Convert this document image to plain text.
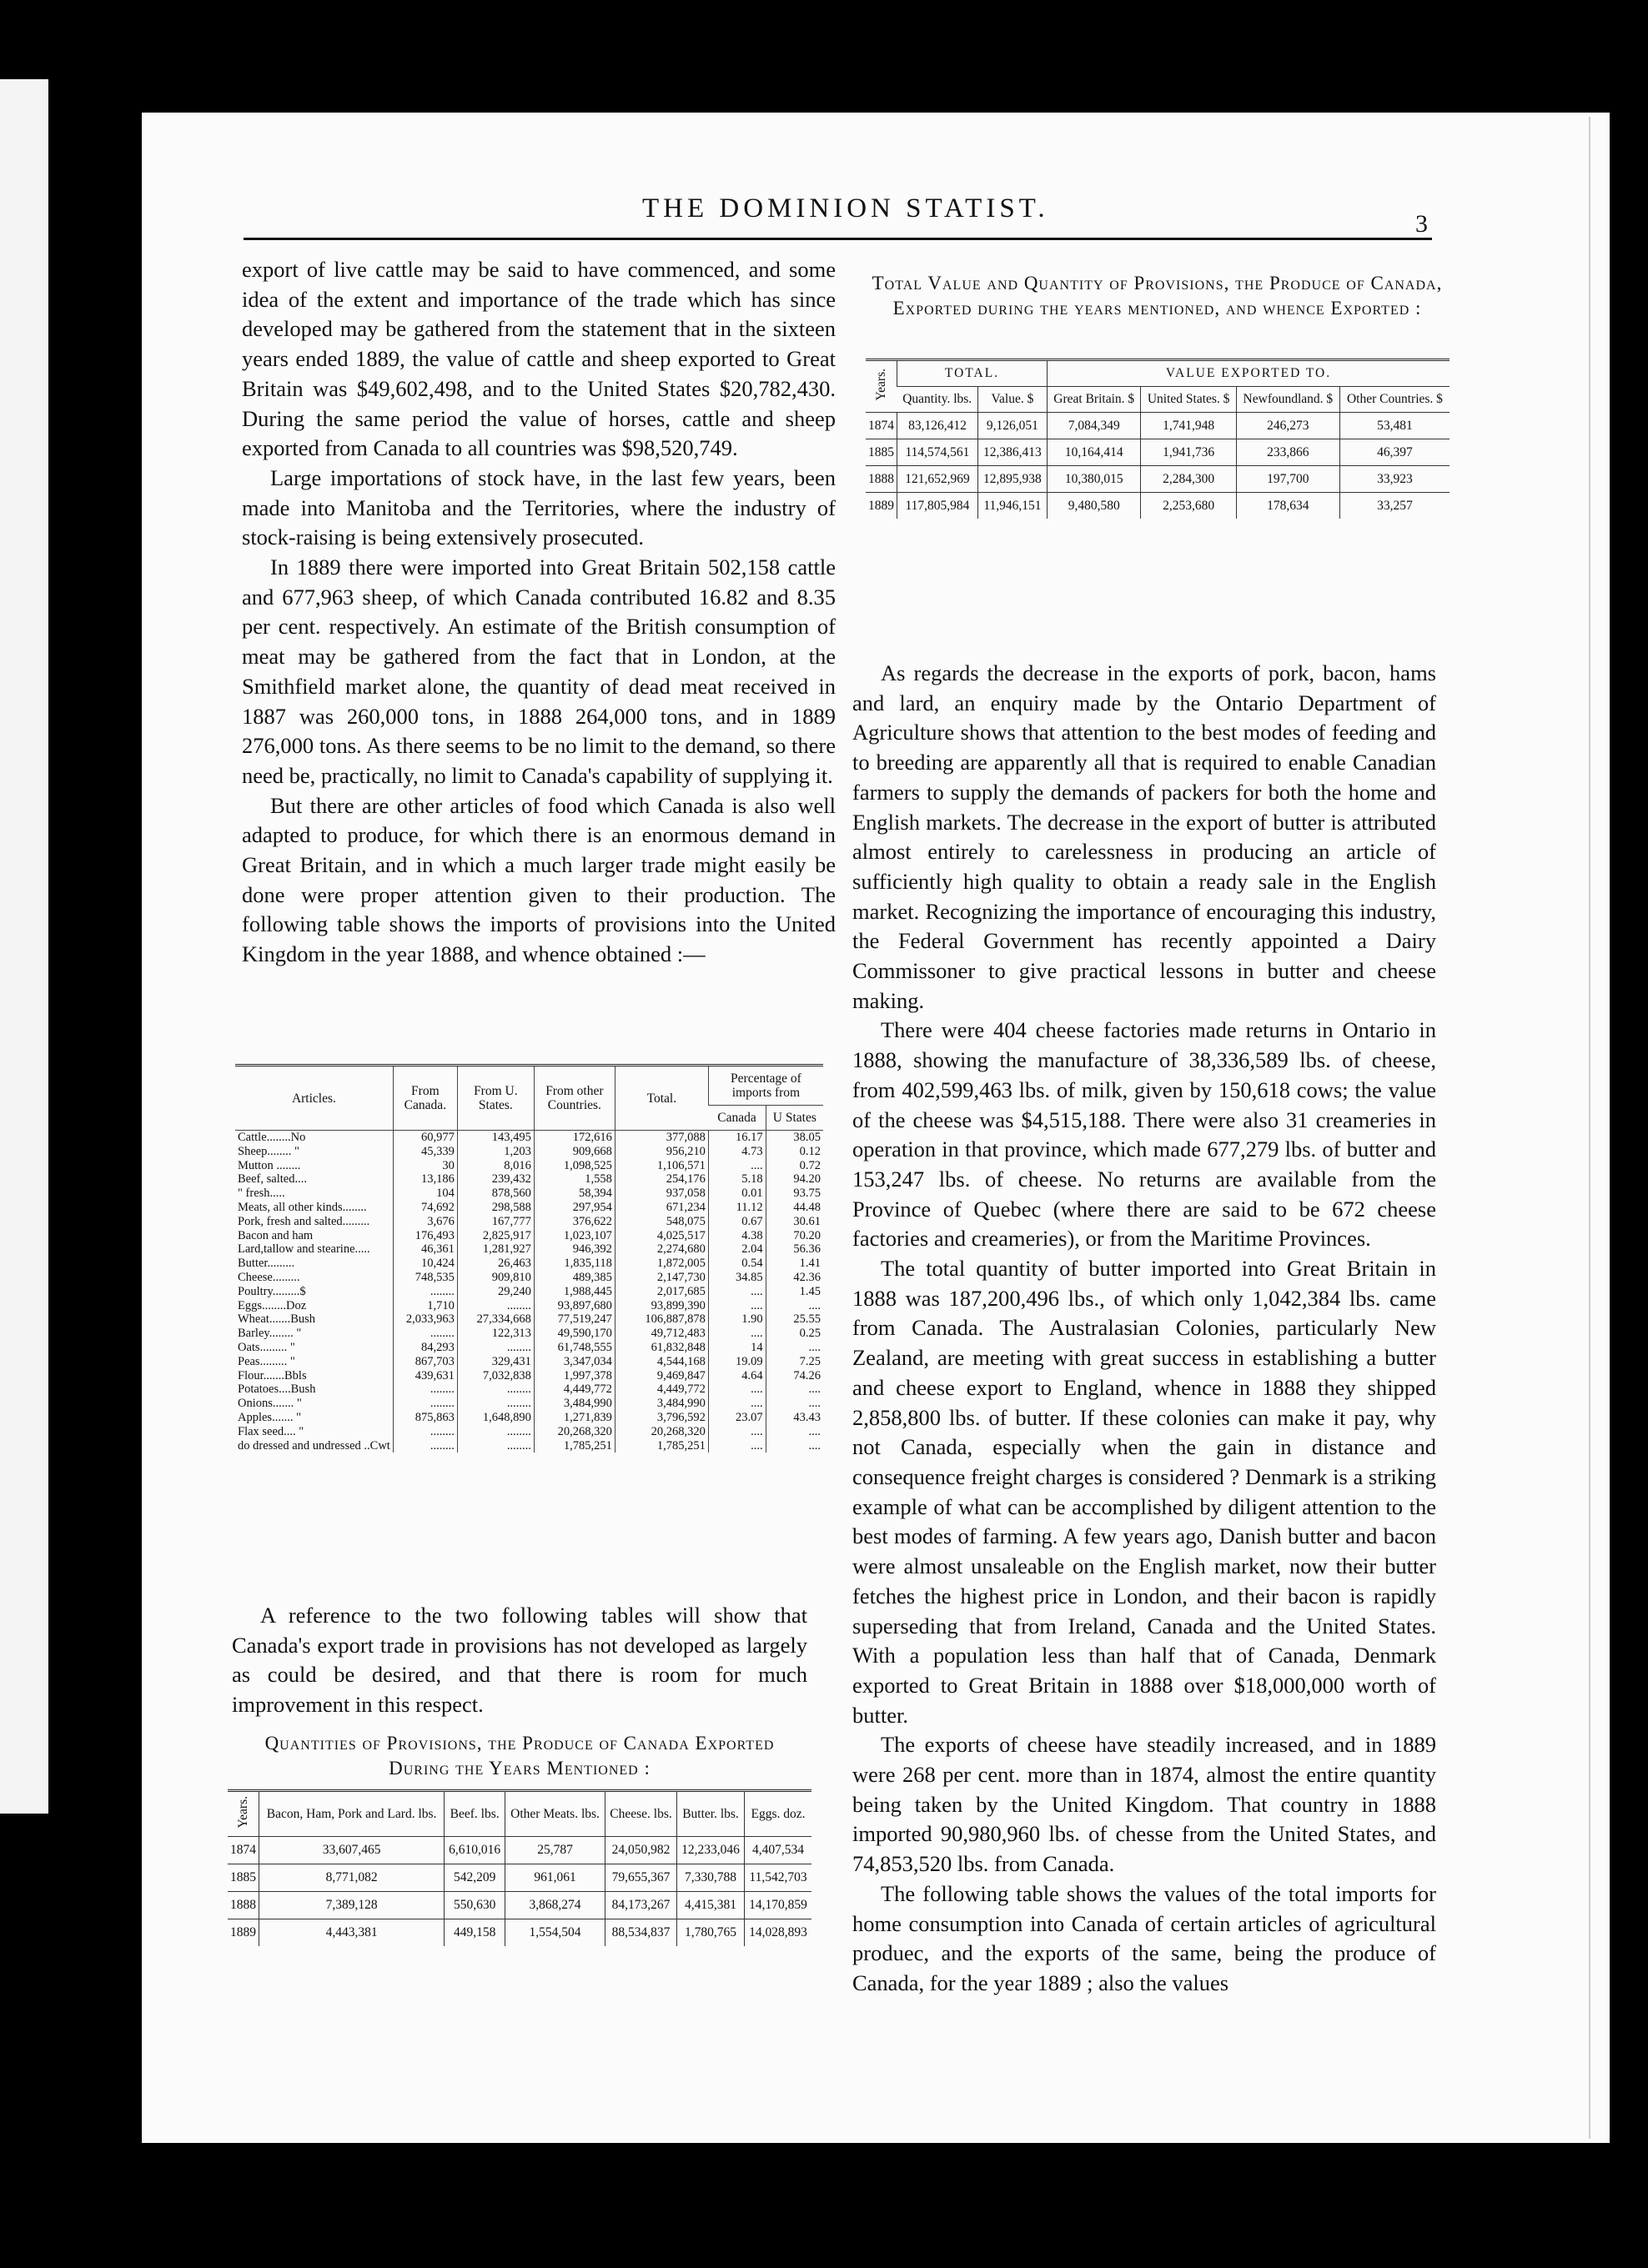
THE DOMINION STATIST.
3

export of live cattle may be said to have commenced, and some idea of the extent and importance of the trade which has since developed may be gathered from the statement that in the sixteen years ended 1889, the value of cattle and sheep exported to Great Britain was $49,602,498, and to the United States $20,782,430. During the same period the value of horses, cattle and sheep exported from Canada to all countries was $98,520,749.

Large importations of stock have, in the last few years, been made into Manitoba and the Territories, where the industry of stock-raising is being extensively prosecuted.

In 1889 there were imported into Great Britain 502,158 cattle and 677,963 sheep, of which Canada contributed 16.82 and 8.35 per cent. respectively. An estimate of the British consumption of meat may be gathered from the fact that in London, at the Smithfield market alone, the quantity of dead meat received in 1887 was 260,000 tons, in 1888 264,000 tons, and in 1889 276,000 tons. As there seems to be no limit to the demand, so there need be, practically, no limit to Canada's capability of supplying it.

But there are other articles of food which Canada is also well adapted to produce, for which there is an enormous demand in Great Britain, and in which a much larger trade might easily be done were proper attention given to their production. The following table shows the imports of provisions into the United Kingdom in the year 1888, and whence obtained :—

Articles.	From Canada.	From U. States.	From other Countries.	Total.	Percentage of imports from	
					Canada	U States
Cattle........No	60,977	143,495	172,616	377,088	16.17	38.05
Sheep........ "	45,339	1,203	909,668	956,210	4.73	0.12
Mutton ........	30	8,016	1,098,525	1,106,571	....	0.72
Beef, salted....	13,186	239,432	1,558	254,176	5.18	94.20
" fresh.....	104	878,560	58,394	937,058	0.01	93.75
Meats, all other kinds........	74,692	298,588	297,954	671,234	11.12	44.48
Pork, fresh and salted.........	3,676	167,777	376,622	548,075	0.67	30.61
Bacon and ham	176,493	2,825,917	1,023,107	4,025,517	4.38	70.20
Lard,tallow and stearine.....	46,361	1,281,927	946,392	2,274,680	2.04	56.36
Butter.........	10,424	26,463	1,835,118	1,872,005	0.54	1.41
Cheese.........	748,535	909,810	489,385	2,147,730	34.85	42.36
Poultry.........$	........	29,240	1,988,445	2,017,685	....	1.45
Eggs........Doz	1,710	........	93,897,680	93,899,390	....	....
Wheat.......Bush	2,033,963	27,334,668	77,519,247	106,887,878	1.90	25.55
Barley........ "	........	122,313	49,590,170	49,712,483	....	0.25
Oats......... "	84,293	........	61,748,555	61,832,848	14	....
Peas......... "	867,703	329,431	3,347,034	4,544,168	19.09	7.25
Flour.......Bbls	439,631	7,032,838	1,997,378	9,469,847	4.64	74.26
Potatoes....Bush	........	........	4,449,772	4,449,772	....	....
Onions....... "	........	........	3,484,990	3,484,990	....	....
Apples....... "	875,863	1,648,890	1,271,839	3,796,592	23.07	43.43
Flax seed.... "	........	........	20,268,320	20,268,320	....	....
do dressed and undressed ..Cwt	........	........	1,785,251	1,785,251	....	....

A reference to the two following tables will show that Canada's export trade in provisions has not developed as largely as could be desired, and that there is room for much improvement in this respect.

Quantities of Provisions, the Produce of Canada Exported During the Years Mentioned :
Years.	Bacon, Ham, Pork and Lard. lbs.	Beef. lbs.	Other Meats. lbs.	Cheese. lbs.	Butter. lbs.	Eggs. doz.
1874	33,607,465	6,610,016	25,787	24,050,982	12,233,046	4,407,534
1885	8,771,082	542,209	961,061	79,655,367	7,330,788	11,542,703
1888	7,389,128	550,630	3,868,274	84,173,267	4,415,381	14,170,859
1889	4,443,381	449,158	1,554,504	88,534,837	1,780,765	14,028,893
Total Value and Quantity of Provisions, the Produce of Canada, Exported during the years mentioned, and whence Exported :
Years.	TOTAL.		VALUE EXPORTED TO.			
	Quantity. lbs.	Value. $	Great Britain. $	United States. $	Newfoundland. $	Other Countries. $
1874	83,126,412	9,126,051	7,084,349	1,741,948	246,273	53,481
1885	114,574,561	12,386,413	10,164,414	1,941,736	233,866	46,397
1888	121,652,969	12,895,938	10,380,015	2,284,300	197,700	33,923
1889	117,805,984	11,946,151	9,480,580	2,253,680	178,634	33,257

As regards the decrease in the exports of pork, bacon, hams and lard, an enquiry made by the Ontario Department of Agriculture shows that attention to the best modes of feeding and to breeding are apparently all that is required to enable Canadian farmers to supply the demands of packers for both the home and English markets. The decrease in the export of butter is attributed almost entirely to carelessness in producing an article of sufficiently high quality to obtain a ready sale in the English market. Recognizing the importance of encouraging this industry, the Federal Government has recently appointed a Dairy Commissoner to give practical lessons in butter and cheese making.

There were 404 cheese factories made returns in Ontario in 1888, showing the manufacture of 38,336,589 lbs. of cheese, from 402,599,463 lbs. of milk, given by 150,618 cows; the value of the cheese was $4,515,188. There were also 31 creameries in operation in that province, which made 677,279 lbs. of butter and 153,247 lbs. of cheese. No returns are available from the Province of Quebec (where there are said to be 672 cheese factories and creameries), or from the Maritime Provinces.

The total quantity of butter imported into Great Britain in 1888 was 187,200,496 lbs., of which only 1,042,384 lbs. came from Canada. The Australasian Colonies, particularly New Zealand, are meeting with great success in establishing a butter and cheese export to England, whence in 1888 they shipped 2,858,800 lbs. of butter. If these colonies can make it pay, why not Canada, especially when the gain in distance and consequence freight charges is considered ? Denmark is a striking example of what can be accomplished by diligent attention to the best modes of farming. A few years ago, Danish butter and bacon were almost unsaleable on the English market, now their butter fetches the highest price in London, and their bacon is rapidly superseding that from Ireland, Canada and the United States. With a population less than half that of Canada, Denmark exported to Great Britain in 1888 over $18,000,000 worth of butter.

The exports of cheese have steadily increased, and in 1889 were 268 per cent. more than in 1874, almost the entire quantity being taken by the United Kingdom. That country in 1888 imported 90,980,960 lbs. of chesse from the United States, and 74,853,520 lbs. from Canada.

The following table shows the values of the total imports for home consumption into Canada of certain articles of agricultural produec, and the exports of the same, being the produce of Canada, for the year 1889 ; also the values
